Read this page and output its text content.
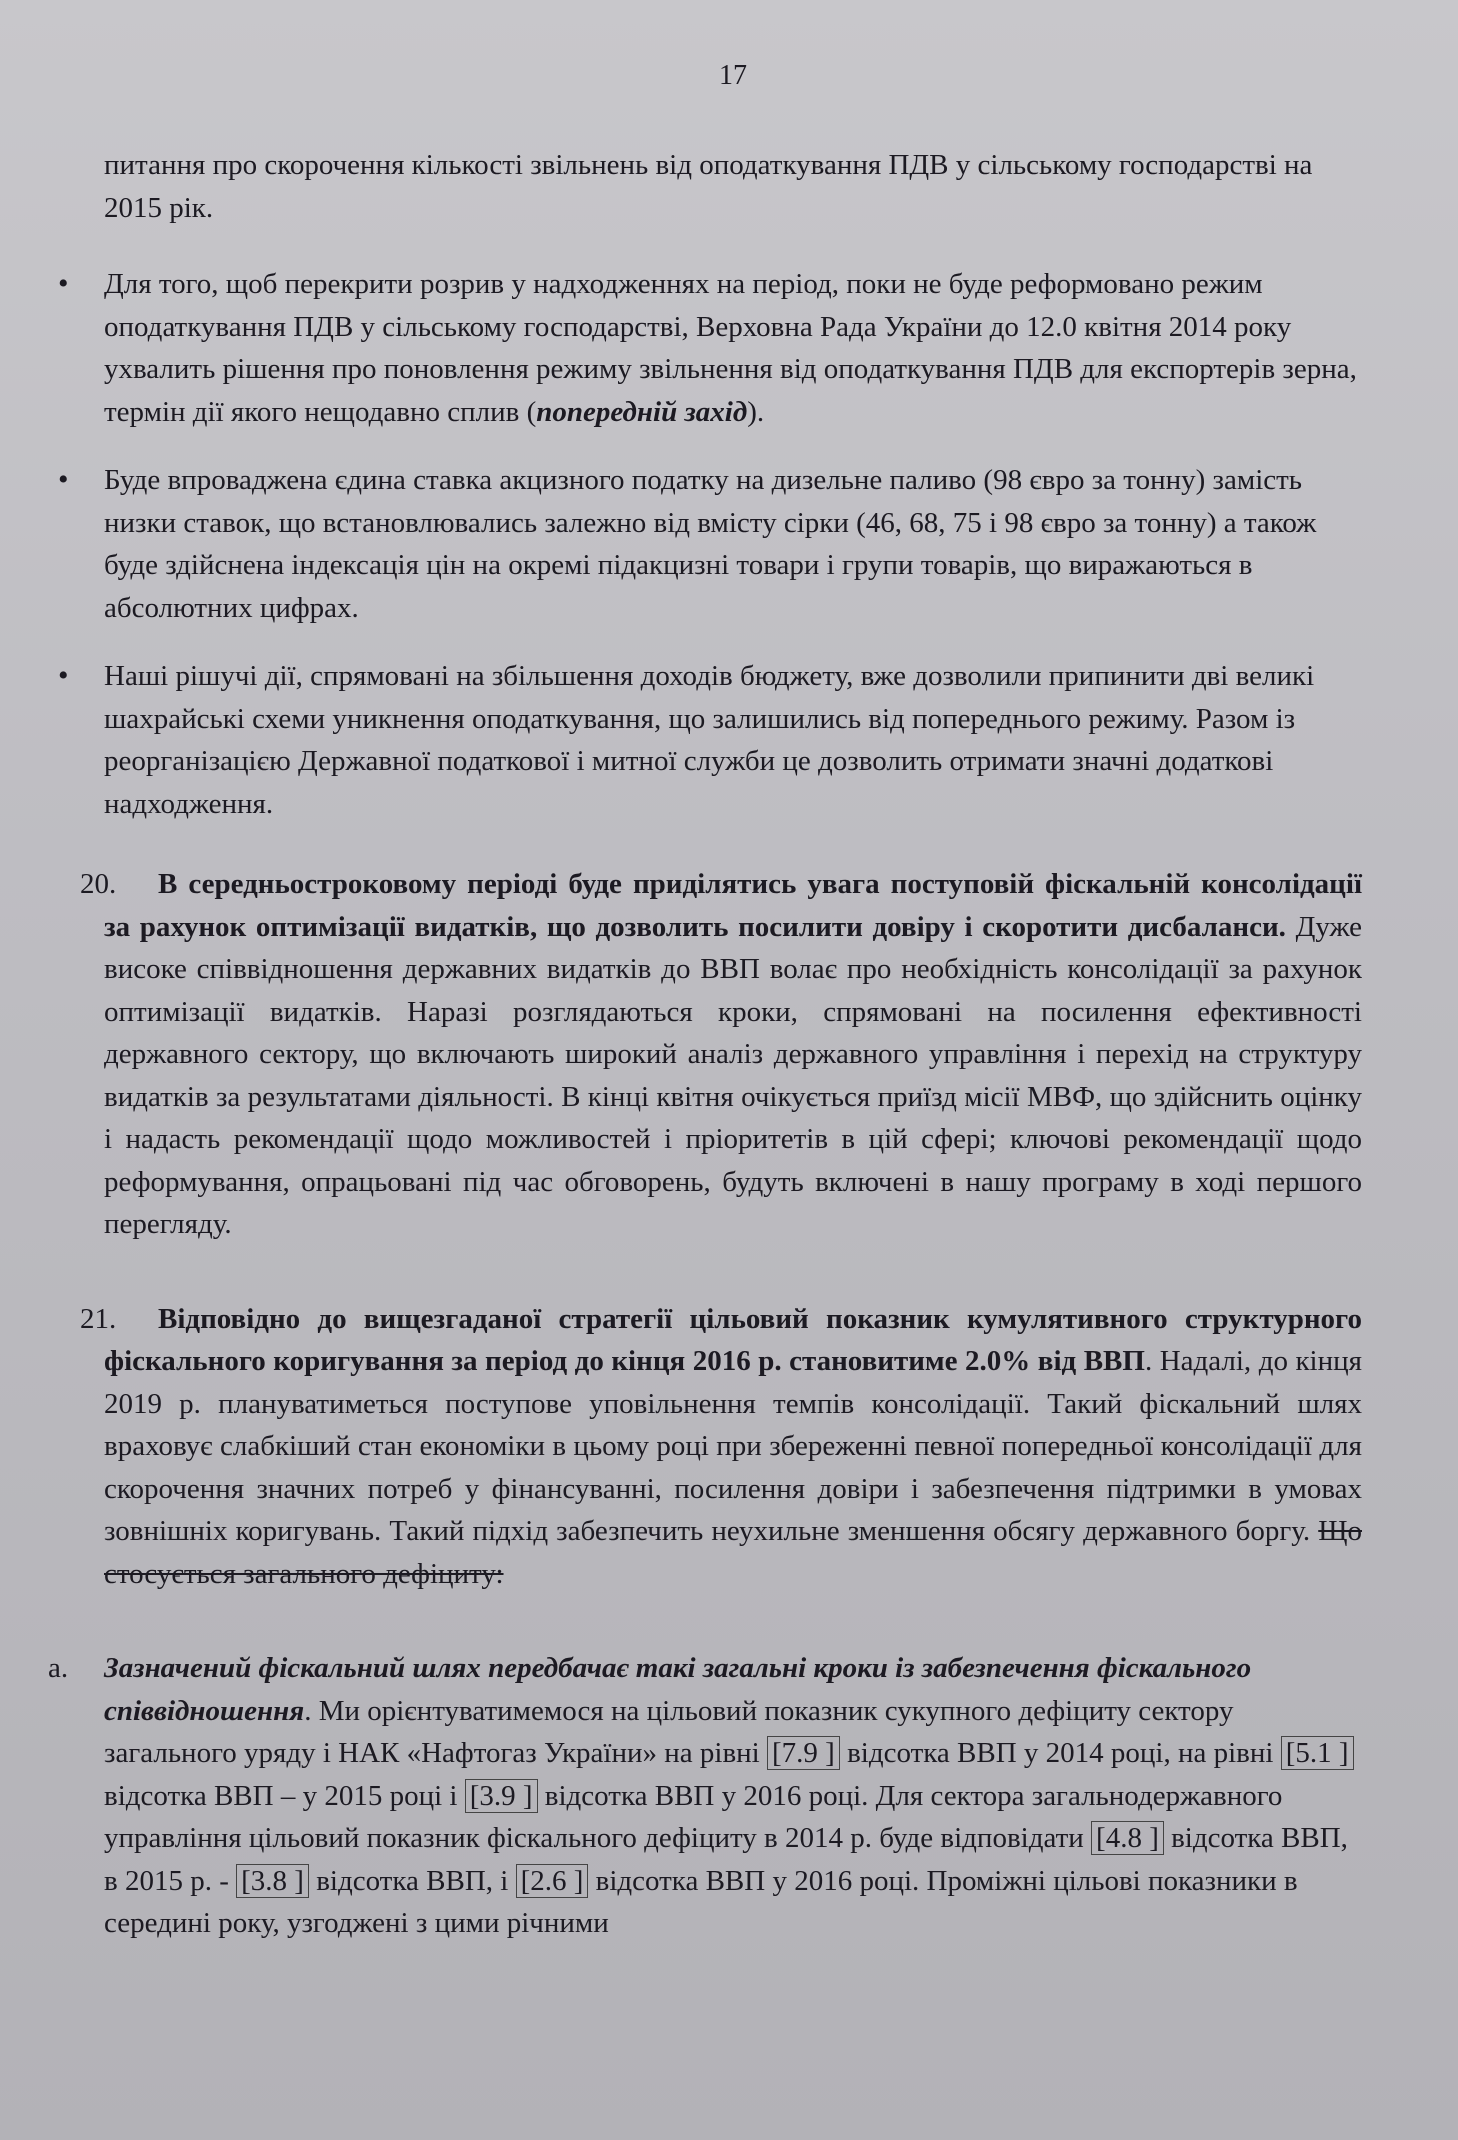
17

питання про скорочення кількості звільнень від оподаткування ПДВ у сільському господарстві на 2015 рік.

• Для того, щоб перекрити розрив у надходженнях на період, поки не буде реформовано режим оподаткування ПДВ у сільському господарстві, Верховна Рада України до 12.0 квітня 2014 року ухвалить рішення про поновлення режиму звільнення від оподаткування ПДВ для експортерів зерна, термін дії якого нещодавно сплив (попередній захід).
• Буде впроваджена єдина ставка акцизного податку на дизельне паливо (98 євро за тонну) замість низки ставок, що встановлювались залежно від вмісту сірки (46, 68, 75 і 98 євро за тонну) а також буде здійснена індексація цін на окремі підакцизні товари і групи товарів, що виражаються в абсолютних цифрах.
• Наші рішучі дії, спрямовані на збільшення доходів бюджету, вже дозволили припинити дві великі шахрайські схеми уникнення оподаткування, що залишились від попереднього режиму. Разом із реорганізацією Державної податкової і митної служби це дозволить отримати значні додаткові надходження.

20. В середньостроковому періоді буде приділятись увага поступовій фіскальній консолідації за рахунок оптимізації видатків, що дозволить посилити довіру і скоротити дисбаланси. Дуже високе співвідношення державних видатків до ВВП волає про необхідність консолідації за рахунок оптимізації видатків. Наразі розглядаються кроки, спрямовані на посилення ефективності державного сектору, що включають широкий аналіз державного управління і перехід на структуру видатків за результатами діяльності. В кінці квітня очікується приїзд місії МВФ, що здійснить оцінку і надасть рекомендації щодо можливостей і пріоритетів в цій сфері; ключові рекомендації щодо реформування, опрацьовані під час обговорень, будуть включені в нашу програму в ході першого перегляду.

21. Відповідно до вищезгаданої стратегії цільовий показник кумулятивного структурного фіскального коригування за період до кінця 2016 р. становитиме 2.0% від ВВП. Надалі, до кінця 2019 р. плануватиметься поступове уповільнення темпів консолідації. Такий фіскальний шлях враховує слабкіший стан економіки в цьому році при збереженні певної попередньої консолідації для скорочення значних потреб у фінансуванні, посилення довіри і забезпечення підтримки в умовах зовнішніх коригувань. Такий підхід забезпечить неухильне зменшення обсягу державного боргу. Що стосується загального дефіциту:

a. Зазначений фіскальний шлях передбачає такі загальні кроки із забезпечення фіскального співвідношення. Ми орієнтуватимемося на цільовий показник сукупного дефіциту сектору загального уряду і НАК «Нафтогаз України» на рівні [7.9 ] відсотка ВВП у 2014 році, на рівні [5.1 ] відсотка ВВП – у 2015 році і [3.9 ] відсотка ВВП у 2016 році. Для сектора загальнодержавного управління цільовий показник фіскального дефіциту в 2014 р. буде відповідати [4.8 ] відсотка ВВП, в 2015 р. - [3.8 ] відсотка ВВП, і [2.6 ] відсотка ВВП у 2016 році. Проміжні цільові показники в середині року, узгоджені з цими річними
